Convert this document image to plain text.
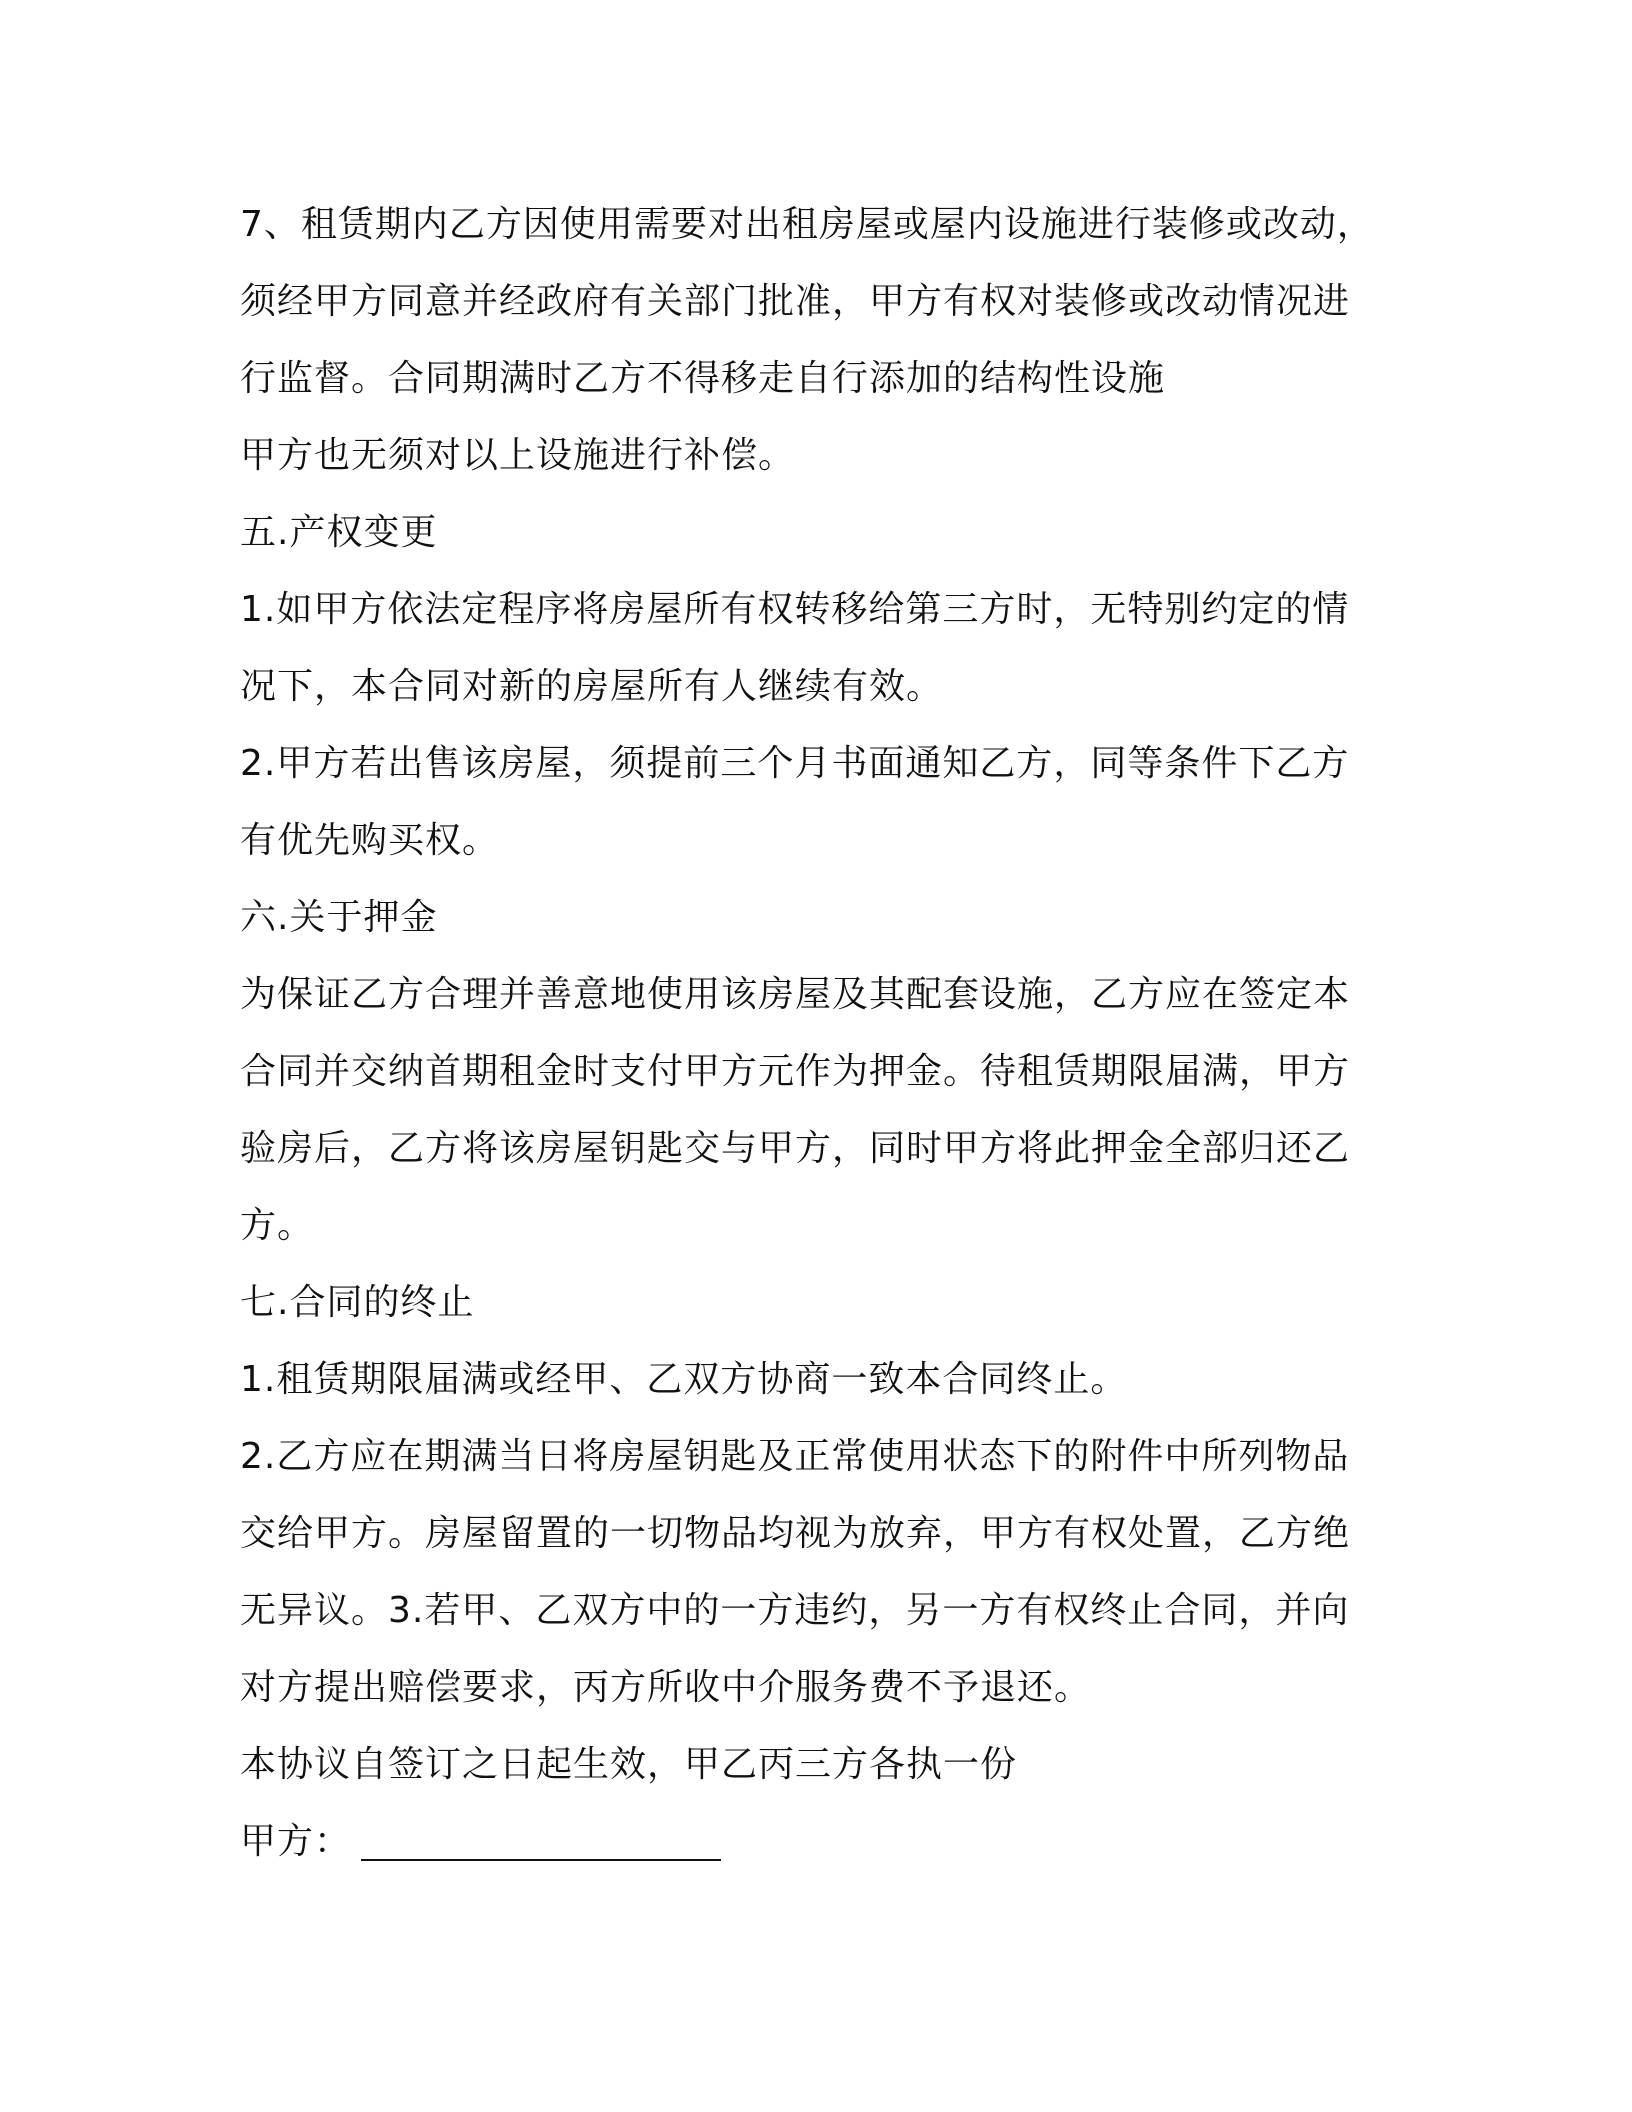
7、租赁期内乙方因使用需要对出租房屋或屋内设施进行装修或改动，
须经甲方同意并经政府有关部门批准，甲方有权对装修或改动情况进
行监督。合同期满时乙方不得移走自行添加的结构性设施
甲方也无须对以上设施进行补偿。
五.产权变更
1.如甲方依法定程序将房屋所有权转移给第三方时，无特别约定的情
况下，本合同对新的房屋所有人继续有效。
2.甲方若出售该房屋，须提前三个月书面通知乙方，同等条件下乙方
有优先购买权。
六.关于押金
为保证乙方合理并善意地使用该房屋及其配套设施，乙方应在签定本
合同并交纳首期租金时支付甲方元作为押金。待租赁期限届满，甲方
验房后，乙方将该房屋钥匙交与甲方，同时甲方将此押金全部归还乙
方。
七.合同的终止
1.租赁期限届满或经甲、乙双方协商一致本合同终止。
2.乙方应在期满当日将房屋钥匙及正常使用状态下的附件中所列物品
交给甲方。房屋留置的一切物品均视为放弃，甲方有权处置，乙方绝
无异议。3.若甲、乙双方中的一方违约，另一方有权终止合同，并向
对方提出赔偿要求，丙方所收中介服务费不予退还。
本协议自签订之日起生效，甲乙丙三方各执一份
甲方：
